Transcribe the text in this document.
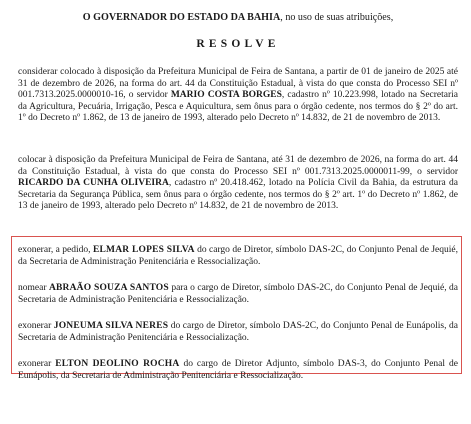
O GOVERNADOR DO ESTADO DA BAHIA, no uso de suas atribuições,
RESOLVE
considerar colocado à disposição da Prefeitura Municipal de Feira de Santana, a partir de 01 de janeiro de 2025 até 31 de dezembro de 2026, na forma do art. 44 da Constituição Estadual, à vista do que consta do Processo SEI nº 001.7313.2025.0000010-16, o servidor MARIO COSTA BORGES, cadastro nº 10.223.998, lotado na Secretaria da Agricultura, Pecuária, Irrigação, Pesca e Aquicultura, sem ônus para o órgão cedente, nos termos do § 2º do art. 1º do Decreto nº 1.862, de 13 de janeiro de 1993, alterado pelo Decreto nº 14.832, de 21 de novembro de 2013.
colocar à disposição da Prefeitura Municipal de Feira de Santana, até 31 de dezembro de 2026, na forma do art. 44 da Constituição Estadual, à vista do que consta do Processo SEI nº 001.7313.2025.0000011-99, o servidor RICARDO DA CUNHA OLIVEIRA, cadastro nº 20.418.462, lotado na Polícia Civil da Bahia, da estrutura da Secretaria da Segurança Pública, sem ônus para o órgão cedente, nos termos do § 2º art. 1º do Decreto nº 1.862, de 13 de janeiro de 1993, alterado pelo Decreto nº 14.832, de 21 de novembro de 2013.
exonerar, a pedido, ELMAR LOPES SILVA do cargo de Diretor, símbolo DAS-2C, do Conjunto Penal de Jequié, da Secretaria de Administração Penitenciária e Ressocialização.
nomear ABRAÃO SOUZA SANTOS para o cargo de Diretor, símbolo DAS-2C, do Conjunto Penal de Jequié, da Secretaria de Administração Penitenciária e Ressocialização.
exonerar JONEUMA SILVA NERES do cargo de Diretor, símbolo DAS-2C, do Conjunto Penal de Eunápolis, da Secretaria de Administração Penitenciária e Ressocialização.
exonerar ELTON DEOLINO ROCHA do cargo de Diretor Adjunto, símbolo DAS-3, do Conjunto Penal de Eunápolis, da Secretaria de Administração Penitenciária e Ressocialização.
